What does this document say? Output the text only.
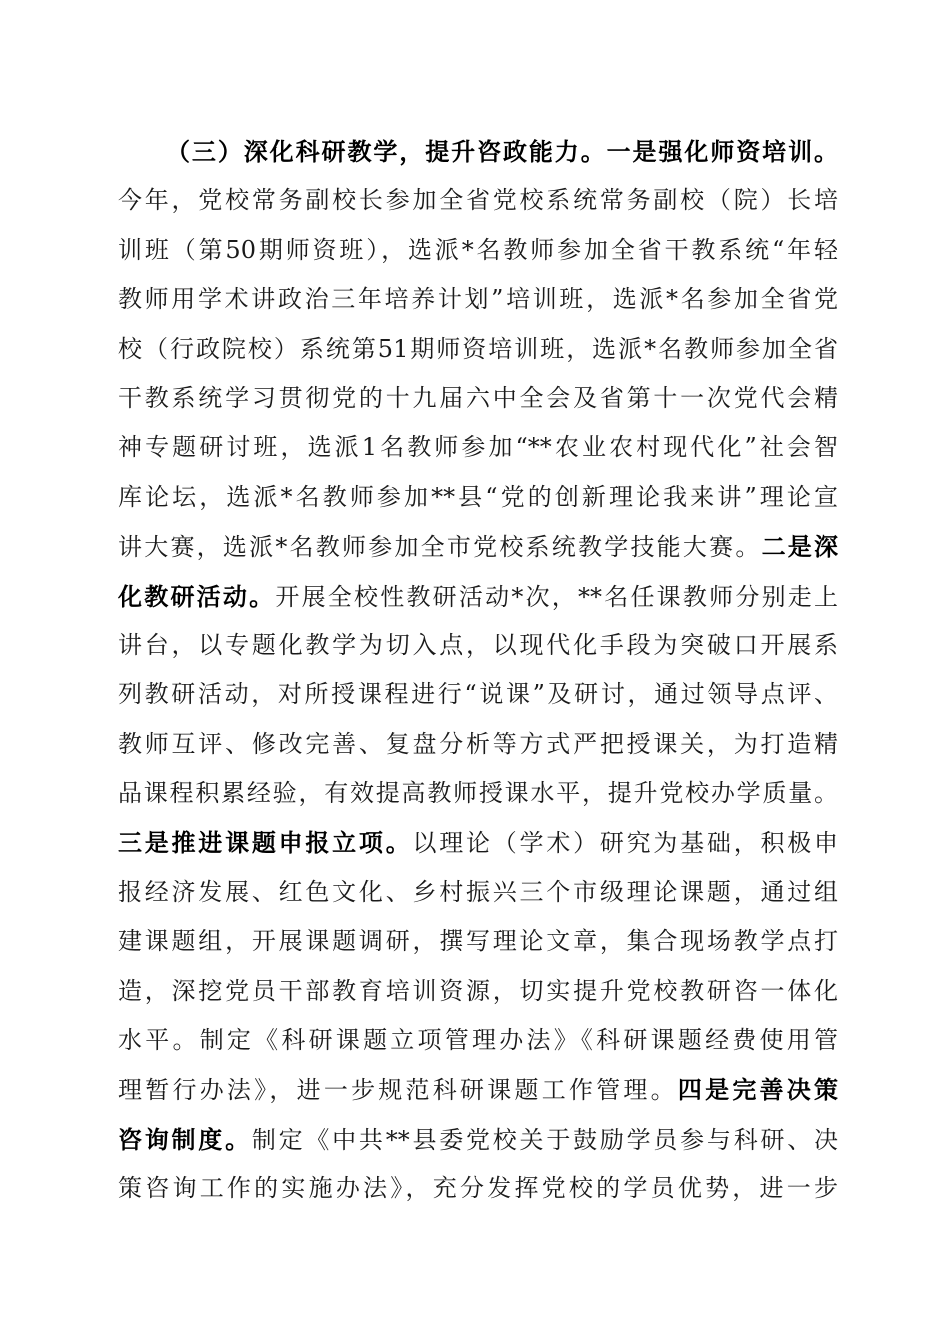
（三）深化科研教学，提升咨政能力。一是强化师资培训。
今年，党校常务副校长参加全省党校系统常务副校（院）长培
训班（第50期师资班），选派*名教师参加全省干教系统“年轻
教师用学术讲政治三年培养计划”培训班，选派*名参加全省党
校（行政院校）系统第51期师资培训班，选派*名教师参加全省
干教系统学习贯彻党的十九届六中全会及省第十一次党代会精
神专题研讨班，选派1名教师参加“**农业农村现代化”社会智
库论坛，选派*名教师参加**县“党的创新理论我来讲”理论宣
讲大赛，选派*名教师参加全市党校系统教学技能大赛。二是深
化教研活动。开展全校性教研活动*次，**名任课教师分别走上
讲台，以专题化教学为切入点，以现代化手段为突破口开展系
列教研活动，对所授课程进行“说课”及研讨，通过领导点评、
教师互评、修改完善、复盘分析等方式严把授课关，为打造精
品课程积累经验，有效提高教师授课水平，提升党校办学质量。
三是推进课题申报立项。以理论（学术）研究为基础，积极申
报经济发展、红色文化、乡村振兴三个市级理论课题，通过组
建课题组，开展课题调研，撰写理论文章，集合现场教学点打
造，深挖党员干部教育培训资源，切实提升党校教研咨一体化
水平。制定《科研课题立项管理办法》《科研课题经费使用管
理暂行办法》，进一步规范科研课题工作管理。四是完善决策
咨询制度。制定《中共**县委党校关于鼓励学员参与科研、决
策咨询工作的实施办法》，充分发挥党校的学员优势，进一步
